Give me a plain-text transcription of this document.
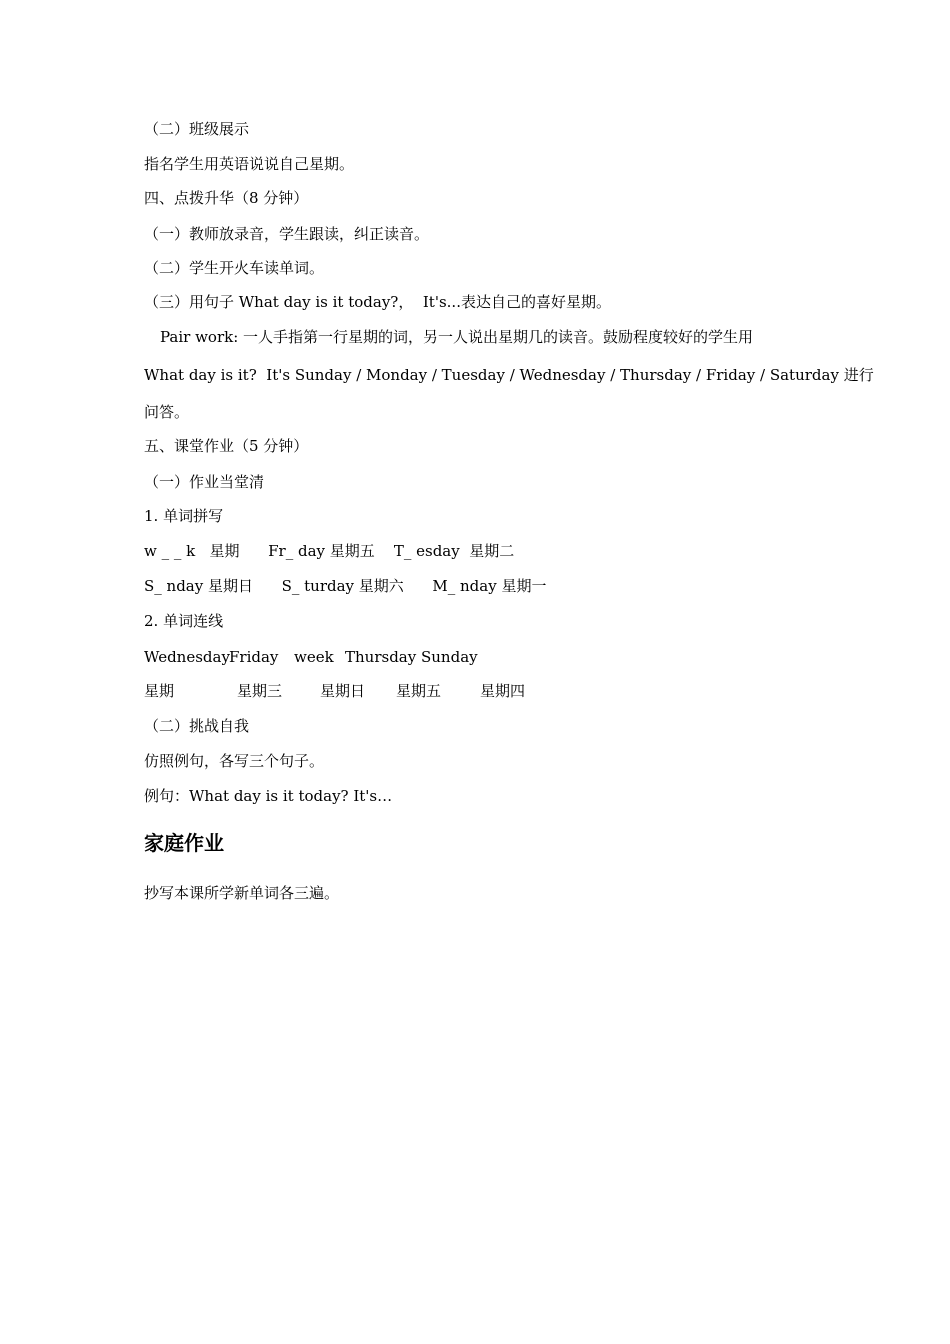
（二）班级展示
指名学生用英语说说自己星期。
四、点拨升华（8 分钟）
（一）教师放录音，学生跟读，纠正读音。
（二）学生开火车读单词。
（三）用句子 What day is it today?，  It's...表达自己的喜好星期。
Pair work: 一人手指第一行星期的词，另一人说出星期几的读音。鼓励程度较好的学生用
What day is it?  It's Sunday / Monday / Tuesday / Wednesday / Thursday / Friday / Saturday 进行
问答。
五、课堂作业（5 分钟）
（一）作业当堂清
1. 单词拼写
w _ _ k   星期      Fr_ day 星期五    T_ esday  星期二
S_ nday 星期日      S_ turday 星期六      M_ nday 星期一
2. 单词连线
Wednesday Friday week Thursday Sunday
星期	星期三	星期日 星期五	星期四
（二）挑战自我
仿照例句，各写三个句子。
例句：What day is it today? It's…
家庭作业
抄写本课所学新单词各三遍。
